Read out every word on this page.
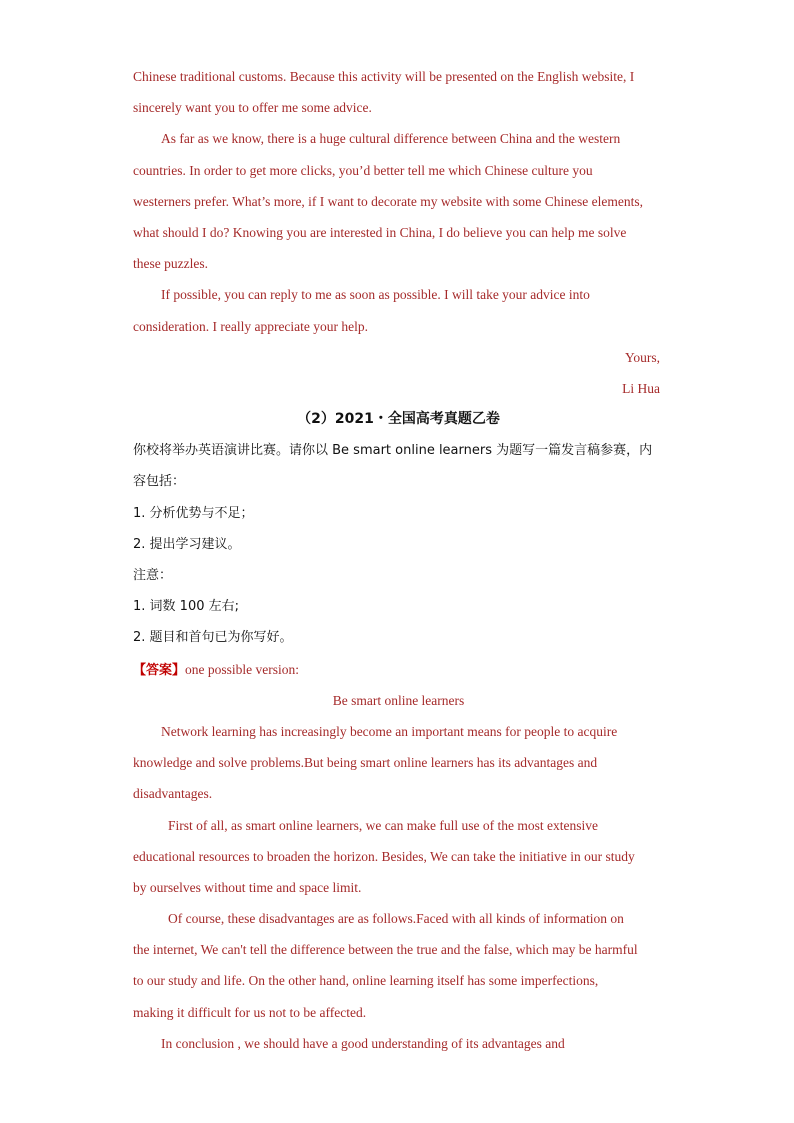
Chinese traditional customs. Because this activity will be presented on the English website, I
sincerely want you to offer me some advice.
As far as we know, there is a huge cultural difference between China and the western
countries. In order to get more clicks, you’d better tell me which Chinese culture you
westerners prefer. What’s more, if I want to decorate my website with some Chinese elements,
what should I do? Knowing you are interested in China, I do believe you can help me solve
these puzzles.
If possible, you can reply to me as soon as possible. I will take your advice into
consideration. I really appreciate your help.
Yours,
Li Hua
（2）2021・全国高考真题乙卷
你校将举办英语演讲比赛。请你以 Be smart online learners 为题写一篇发言稿参赛，内
容包括：
1. 分析优势与不足；
2. 提出学习建议。
注意：
1. 词数 100 左右;
2. 题目和首句已为你写好。
【答案】one possible version:
Be smart online learners
Network learning has increasingly become an important means for people to acquire
knowledge and solve problems.But being smart online learners has its advantages and
disadvantages.
First of all, as smart online learners, we can make full use of the most extensive
educational resources to broaden the horizon. Besides, We can take the initiative in our study
by ourselves without time and space limit.
Of course, these disadvantages are as follows.Faced with all kinds of information on
the internet, We can't tell the difference between the true and the false, which may be harmful
to our study and life. On the other hand, online learning itself has some imperfections,
making it difficult for us not to be affected.
In conclusion , we should have a good understanding of its advantages and
